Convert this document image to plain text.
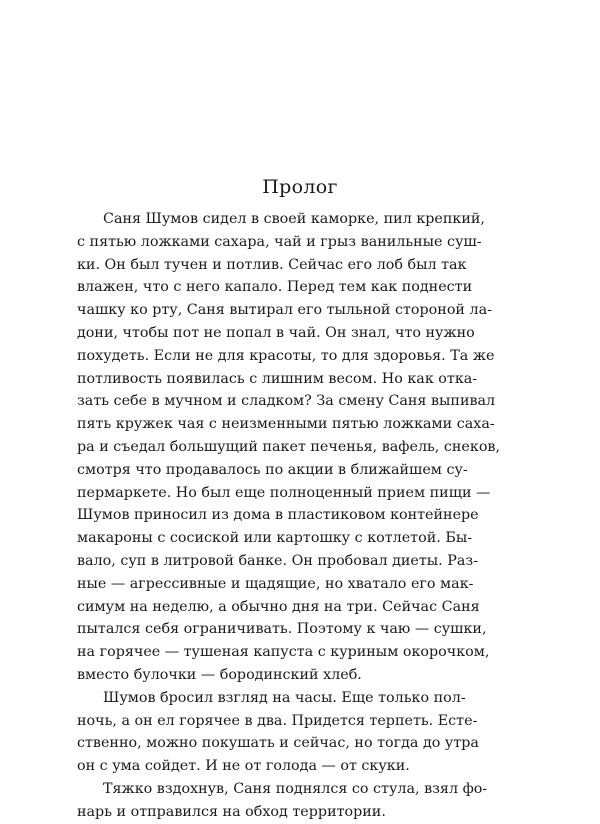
Пролог
Саня Шумов сидел в своей каморке, пил крепкий,
с пятью ложками сахара, чай и грыз ванильные суш-
ки. Он был тучен и потлив. Сейчас его лоб был так
влажен, что с него капало. Перед тем как поднести
чашку ко рту, Саня вытирал его тыльной стороной ла-
дони, чтобы пот не попал в чай. Он знал, что нужно
похудеть. Если не для красоты, то для здоровья. Та же
потливость появилась с лишним весом. Но как отка-
зать себе в мучном и сладком? За смену Саня выпивал
пять кружек чая с неизменными пятью ложками саха-
ра и съедал большущий пакет печенья, вафель, снеков,
смотря что продавалось по акции в ближайшем су-
пермаркете. Но был еще полноценный прием пищи —
Шумов приносил из дома в пластиковом контейнере
макароны с сосиской или картошку с котлетой. Бы-
вало, суп в литровой банке. Он пробовал диеты. Раз-
ные — агрессивные и щадящие, но хватало его мак-
симум на неделю, а обычно дня на три. Сейчас Саня
пытался себя ограничивать. Поэтому к чаю — сушки,
на горячее — тушеная капуста с куриным окорочком,
вместо булочки — бородинский хлеб.
Шумов бросил взгляд на часы. Еще только пол-
ночь, а он ел горячее в два. Придется терпеть. Есте-
ственно, можно покушать и сейчас, но тогда до утра
он с ума сойдет. И не от голода — от скуки.
Тяжко вздохнув, Саня поднялся со стула, взял фо-
нарь и отправился на обход территории.
